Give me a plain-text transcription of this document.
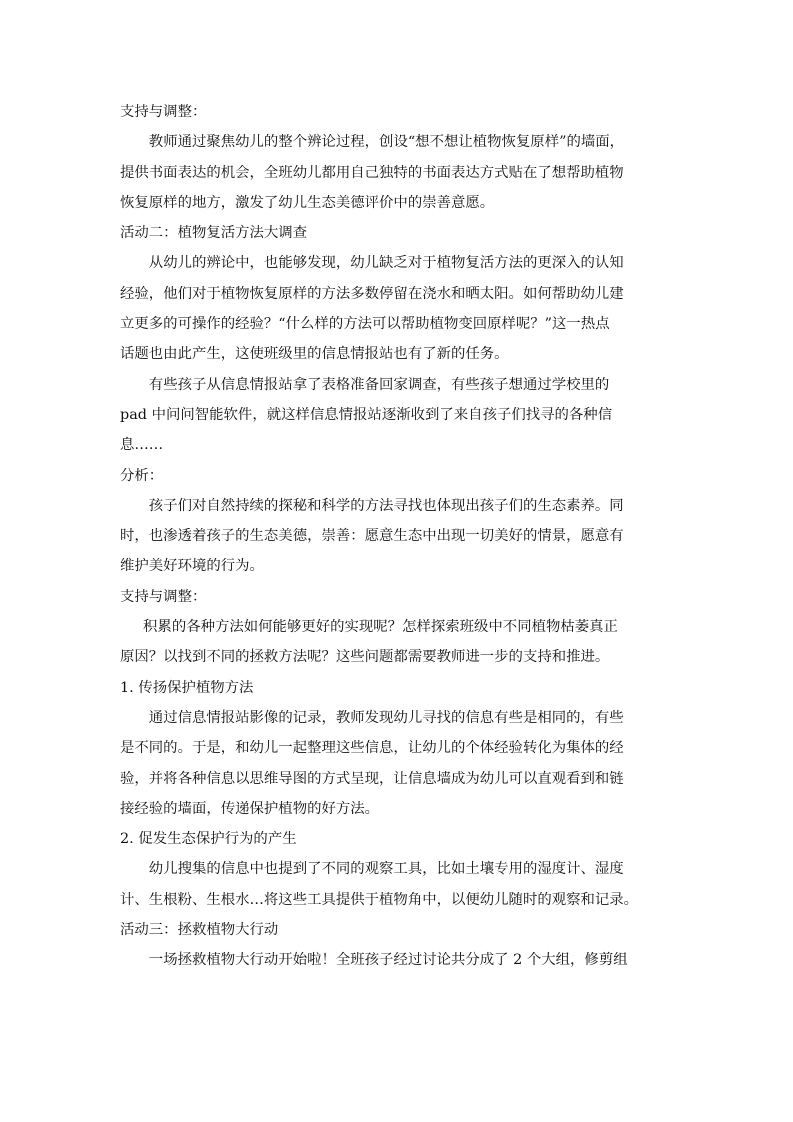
支持与调整：

教师通过聚焦幼儿的整个辨论过程，创设“想不想让植物恢复原样”的墙面，

提供书面表达的机会，全班幼儿都用自己独特的书面表达方式贴在了想帮助植物

恢复原样的地方，激发了幼儿生态美德评价中的崇善意愿。

活动二：植物复活方法大调查

从幼儿的辨论中，也能够发现，幼儿缺乏对于植物复活方法的更深入的认知

经验，他们对于植物恢复原样的方法多数停留在浇水和晒太阳。如何帮助幼儿建

立更多的可操作的经验？“什么样的方法可以帮助植物变回原样呢？”这一热点

话题也由此产生，这使班级里的信息情报站也有了新的任务。

有些孩子从信息情报站拿了表格准备回家调查，有些孩子想通过学校里的

pad 中问问智能软件，就这样信息情报站逐渐收到了来自孩子们找寻的各种信

息……

分析：

孩子们对自然持续的探秘和科学的方法寻找也体现出孩子们的生态素养。同

时，也渗透着孩子的生态美德，崇善：愿意生态中出现一切美好的情景，愿意有

维护美好环境的行为。

支持与调整：

积累的各种方法如何能够更好的实现呢？怎样探索班级中不同植物枯萎真正

原因？以找到不同的拯救方法呢？这些问题都需要教师进一步的支持和推进。

1. 传扬保护植物方法

通过信息情报站影像的记录，教师发现幼儿寻找的信息有些是相同的，有些

是不同的。于是，和幼儿一起整理这些信息，让幼儿的个体经验转化为集体的经

验，并将各种信息以思维导图的方式呈现，让信息墙成为幼儿可以直观看到和链

接经验的墙面，传递保护植物的好方法。

2. 促发生态保护行为的产生

幼儿搜集的信息中也提到了不同的观察工具，比如土壤专用的湿度计、湿度

计、生根粉、生根水…将这些工具提供于植物角中，以便幼儿随时的观察和记录。

活动三：拯救植物大行动

一场拯救植物大行动开始啦！全班孩子经过讨论共分成了 2 个大组，修剪组
